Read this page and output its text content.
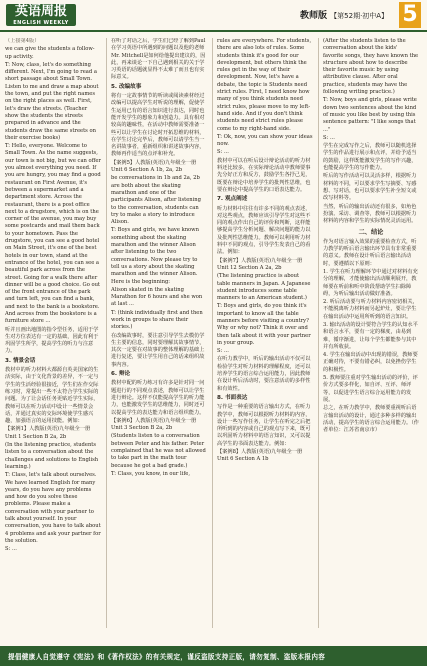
英语周报
ENGLISH WEEKLY
教师版 【第52期·初中A】 5

（上接第4版）

we can give the students a follow-up activity.

T: Now, class, let's do something different. Next, I'm going to read a short passage about Small Town. Listen to me and draw a map about the town, and put the right names on the right places as well. First, let's draw the streets. (Teacher show the students the streets prepared in advance and the students draw the same streets on their exercise books)

T: Hello, everyone. Welcome to Small Town. As the name suggests, our town is not big, but we can offer you almost everything you need. If you are hungry, you may find a good restaurant on First Avenue, it's between a supermarket and a department store. Across the restaurant, there is a post office next to a drugstore, which is on the corner of the avenue, you may buy some postcards and mail them back to your hometown. Pass the drugstore, you can see a good hotel on Main Street, it's one of the best hotels in our town, stand at the entrance of the hotel, you can see a beautiful park across from the street. Going for a walk there after dinner will be a good choice. Go out of the front entrance of the park and turn left, you can find a bank, and next to the bank is a bookstore. And across from the bookstore is a furniture store ...

听并且画出地图的指令型任务，适用于学生对方位表达有一定的基础，因此有利于巩固学生所学，提高学生的听力与注意力。

3. 情景会话

教材中的听力材料大都源自英美国家的生活实际，由于文化背景的差异，不一定与学生的生活经验很接近，学生们在作交际练习时，常提出一些不太符合学生实际的问题。为了让会话任务更贴近学生实际，教师可以在听力活动中设计一些情景会话，并通过真实的交际环境使学生感兴趣，加强语言的运用技能。例如：

【案例1】人教版(英语)九年级全一册 Unit 1 Section B 2a, 2b

(In the listening practice, students listen to a conversation about the challenges and solutions to English learning.)

T: Class, let's talk about ourselves. We have learned English for many years, do you have any problems and how do you solve these problems. Please make a conversation with your partner to talk about yourself. In your conversation, you have to talk about 4 problems and ask your partner for the solution.

S: ...

在听了对话之后，学生们已经了解到Paul在学习英语中所遇到的问题以及他的老师Mr. Mitchell是如何给他提出建议的，因此，再来谈论一下自己遇到相关的关于学习英语的话题就显得不太难了而且也有实际意义。

5. 改编故事

将有一定故事情节的听读或阅读素材经过改编可以提高学生对听说的理解，促使学生运用已有的语言知识进行表达，同时也能开发学生的想象力和创造力。具有相对较高的趣味性，在活动中教师需要准备一些可以让学生在讨论时开拓思维的材料，在学生讨论完毕后，教师可以请学生当一名讲故事者，重新组织和讲述故事内容，教师再作适当的点评和补充。

【案例5】人教版(英语)九年级全一册 Unit 6 Section A 1b, 2a, 2b

be conversations in 1b and 2a, 2b are both about the skating marathon and one of the participants Alison, after listening to the conversation, students can try to make a story to introduce Alison.

T: Boys and girls, we have known something about the skating marathon and the winner Alison after listening to the two conversations. Now please try to tell us a story about the skating marathon and the winner Alison. Here is the beginning:

Alison skated in the skating Marathon for 6 hours and she won at last ...

T: (think individually first and then work in groups to share their stories.)

在改编故事时，要注意引导学生去模仿学生主要的信息，同时要理解其故事情节，其次一定要在对故事的整体理解的基础上进行复述，要让学生用自己的话来组织故事内容。

6. 辩论

教材中配的听力练习有许多是针对同一问题进行的不同观点表述，教师可以让学生进行辩论。这样不仅能提高学生的听力能力，也能激发学生的思维能力，同时还可以提高学生的表达能力和语言组织能力。

【案例6】人教版(英语)九年级全一册 Unit 3 Section B 2a, 2b

(Students listen to a conversation between Peter and his father. Peter complained that he was not allowed to take part in the math tour because he got a bad grade.)

T: Class, you know, in our life,

rules are everywhere. For students, there are also lots of rules. Some students think it's good for our development, but others think the rules get in the way of their development. Now, let's have a debate, the topic is Students need strict rules. First, I need know how many of you think students need strict rules, please move to my left-hand side. And if you don't think students need strict rules please come to my right-hand side.

T: Ok, now, you can show your ideas now.

S: ...

教材中可以在听后设计辩论活动的听力材料还比较多，在实际辩论活动中教师要事先分好正方和反方，鼓励学生各抒己见，既要在辩论中培养学生的批判性思维，也要在辩论中提高学生的口语表达能力。

7. 观点阐述

听力材料中往往有许多不同的观点表述，对这些观点，教师应该引导学生对这些不同的观点作出自己的评价和判断，这样能够提高学生分析问题、解决问题的能力以及批判性思维能力。教师可以利用听力材料中不同的观点，引导学生发表自己的看法。例如：

【案例7】人教版(英语)九年级全一册 Unit 12 Section A 2a, 2b

(The listening practice is about table manners in Japan. A Japanese student introduces some table manners to an American student.)

T: Boys and girls, do you think it's important to know all the table manners before visiting a country? Why or why not? Think it over and then talk about it with your partner in your group.

S: ...

在听力教学中，听后的输出活动不仅可以检验学生对听力材料的理解程度，还可以培养学生的语言综合运用能力，因此教师在设计听后活动时，要注意活动的多样性和有效性。

8. 书面表达

写作是一种重要的语言输出方式，在听力教学中，教师可以根据听力材料的内容，设计一些写作任务，让学生在听完之后把所听到的内容或自己的观点写下来，既可以巩固听力材料中的语言知识，又可以提高学生的书面表达能力。例如：

【案例8】人教版(英语)九年级全一册 Unit 6 Section A 1b

(After the students listen to the conversation about the kids' favorite songs, they have known the structure about how to describe their favorite music by using attributive clause. After oral practice, students may have the following writing practice.)

T: Now, boys and girls, please write down two sentences about the kind of music you like best by using this sentence pattern: "I like songs that ..."

S: ...

学生在完成写作之后，教师可以随机选择学生的作品进行展示和点评，并给予适当的鼓励，这样既能激发学生的写作兴趣，也能提高学生的写作能力。

听后的写作活动可以灵活多样，根据听力材料的不同，可以要求学生写摘要、写感想、写对话，也可以要求学生补全短文或改写材料等。

当然，听后的输出活动还有很多，如角色扮演、采访、调查等，教师可以根据听力材料的内容和学生的实际情况灵活运用。

二、结论

作为对语言输入效果的重要检查方式，听力教学的听后语言输出环节具有非常重要的意义。教师在设计听后语言输出活动时，要遵循以下原则：

1. 学生在听力理解环节中通过对材料有充分的理解，才能使输出活动顺利展开，教师要在听前和听中阶段帮助学生扫除障碍，为听后输出活动做好准备。

2. 听后活动要与听力材料内容密切相关，不能脱离听力材料而另起炉灶，要让学生在输出活动中运用所听到的语言知识。

3. 输出活动的设计要符合学生的认知水平和语言水平，要有一定的梯度，由易到难，循序渐进，让每个学生都能参与其中并有所收获。

4. 学生在输出活动中出现的错误，教师要正确对待，不要有错必纠，以免挫伤学生的积极性。

5. 教师要注重对学生输出活动的评价，评价方式要多样化，如自评、互评、师评等，以促进学生语言综合运用能力的发展。

总之，在听力教学中，教师要重视听后语言输出活动的设计，通过多种多样的输出活动，提高学生的语言综合运用能力。（作者单位：江苏省南京市）

提倡健康人自觉遵守《宪法》和《著作权法》的有关规定，谨反盗版支持正版，请勿复制、盗版本报内容
